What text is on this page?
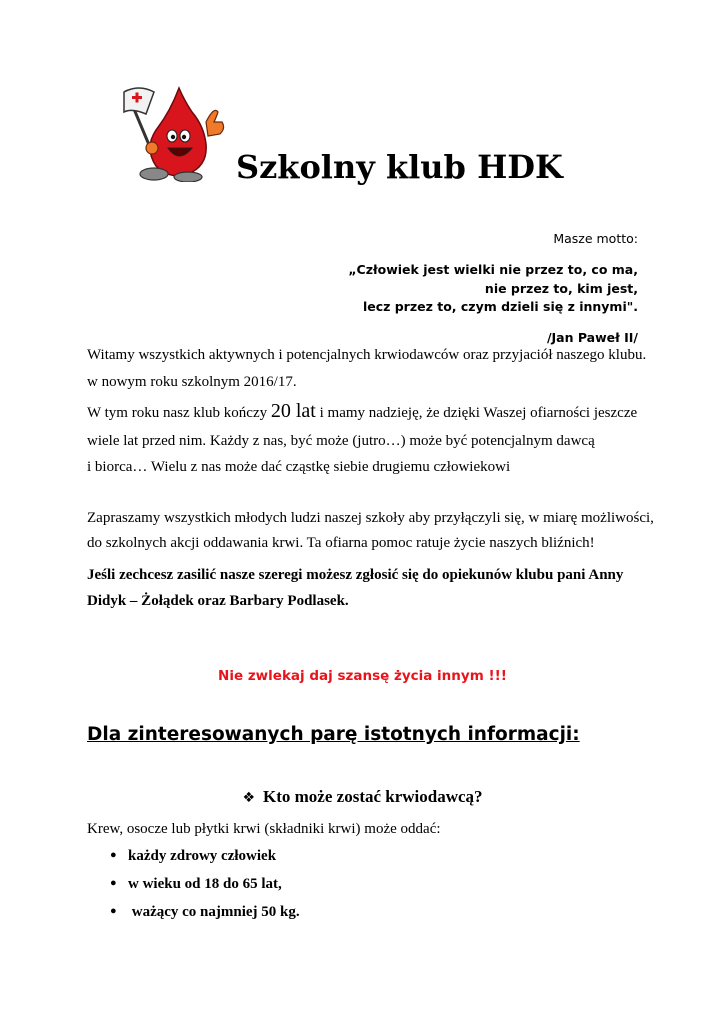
Szkolny klub HDK
Masze motto:
„Człowiek jest wielki nie przez to, co ma,
nie przez to, kim jest,
lecz przez to, czym dzieli się z innymi".
/Jan Paweł II/
Witamy wszystkich aktywnych i potencjalnych krwiodawców oraz przyjaciół naszego klubu.
w nowym roku szkolnym 2016/17.
W tym roku nasz klub kończy 20 lat i mamy nadzieję, że dzięki Waszej ofiarności jeszcze
wiele lat przed nim. Każdy z nas, być może (jutro…) może być potencjalnym dawcą
i biorca… Wielu z nas może dać cząstkę siebie drugiemu człowiekowi
Zapraszamy wszystkich młodych ludzi naszej szkoły aby przyłączyli się, w miarę możliwości,
do szkolnych akcji oddawania krwi. Ta ofiarna pomoc ratuje życie naszych bliźnich!
Jeśli zechcesz zasilić nasze szeregi możesz zgłosić się do opiekunów klubu pani Anny
Didyk – Żołądek oraz Barbary Podlasek.
Nie zwlekaj daj szansę życia innym !!!
Dla zinteresowanych parę istotnych informacji:
❖ Kto może zostać krwiodawcą?
Krew, osocze lub płytki krwi (składniki krwi) może oddać:
● każdy zdrowy człowiek
● w wieku od 18 do 65 lat,
● ważący co najmniej 50 kg.
